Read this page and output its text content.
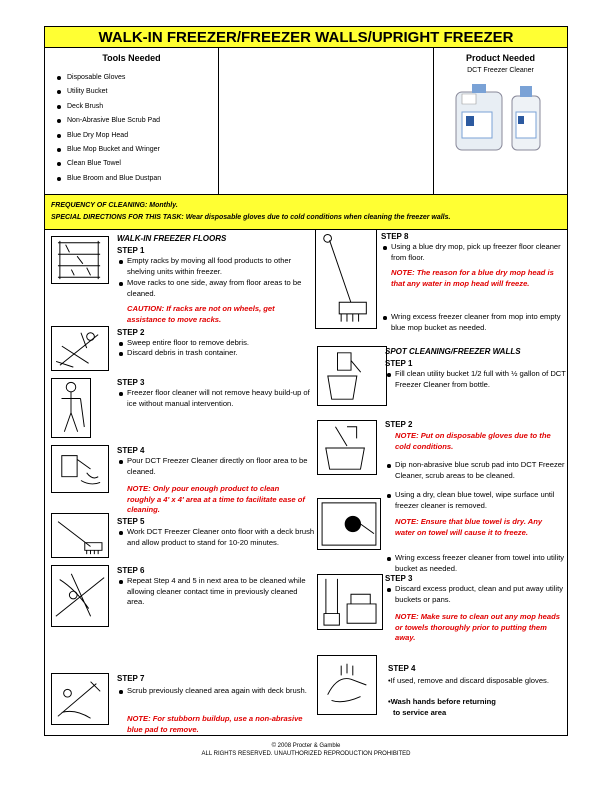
WALK-IN FREEZER/FREEZER WALLS/UPRIGHT FREEZER
Tools Needed
Disposable Gloves
Utility Bucket
Deck Brush
Non-Abrasive Blue Scrub Pad
Blue Dry Mop Head
Blue Mop Bucket and Wringer
Clean Blue Towel
Blue Broom and Blue Dustpan
Product Needed
DCT Freezer Cleaner
FREQUENCY OF CLEANING: Monthly.
SPECIAL DIRECTIONS FOR THIS TASK: Wear disposable gloves due to cold conditions when cleaning the freezer walls.
WALK-IN FREEZER FLOORS
STEP 1
Empty racks by moving all food products to other shelving units within freezer.
Move racks to one side, away from floor areas to be cleaned.
CAUTION: If racks are not on wheels, get assistance to move racks.
STEP 2
Sweep entire floor to remove debris.
Discard debris in trash container.
STEP 3
Freezer floor cleaner will not remove heavy build-up of ice without manual intervention.
STEP 4
Pour DCT Freezer Cleaner directly on floor area to be cleaned.
NOTE: Only pour enough product to clean roughly a 4' x 4' area at a time to facilitate ease of cleaning.
STEP 5
Work DCT Freezer Cleaner onto floor with a deck brush and allow product to stand for 10-20 minutes.
STEP 6
Repeat Step 4 and 5 in next area to be cleaned while allowing cleaner contact time in previously cleaned area.
STEP 7
Scrub previously cleaned area again with deck brush.
NOTE: For stubborn buildup, use a non-abrasive blue pad to remove.
STEP 8
Using a blue dry mop, pick up freezer floor cleaner from floor.
NOTE: The reason for a blue dry mop head is that any water in mop head will freeze.
Wring excess freezer cleaner from mop into empty blue mop bucket as needed.
SPOT CLEANING/FREEZER WALLS
STEP 1
Fill clean utility bucket 1/2 full with ½ gallon of DCT Freezer Cleaner from bottle.
STEP 2
NOTE: Put on disposable gloves due to the cold conditions.
Dip non-abrasive blue scrub pad into DCT Freezer Cleaner, scrub areas to be cleaned.
Using a dry, clean blue towel, wipe surface until freezer cleaner is removed.
NOTE: Ensure that blue towel is dry. Any water on towel will cause it to freeze.
Wring excess freezer cleaner from towel into utility bucket as needed.
STEP 3
Discard excess product, clean and put away utility buckets or pans.
NOTE: Make sure to clean out any mop heads or towels thoroughly prior to putting them away.
STEP 4
•If used, remove and discard disposable gloves.
•Wash hands before returning
to service area
© 2008 Procter & Gamble
ALL RIGHTS RESERVED. UNAUTHORIZED REPRODUCTION PROHIBITED
